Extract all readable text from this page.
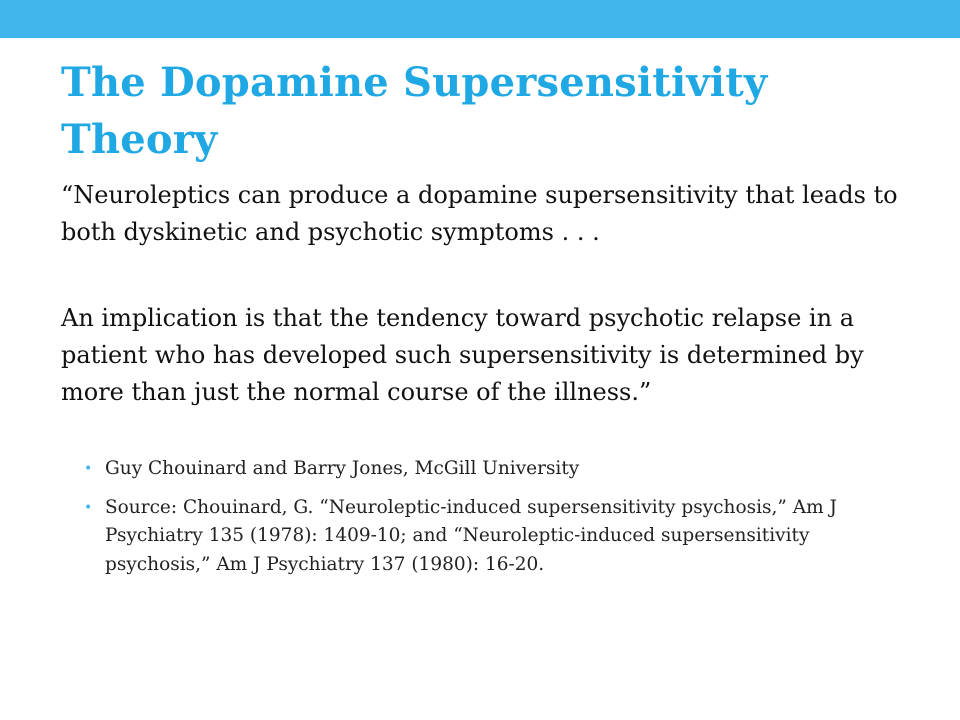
The Dopamine Supersensitivity Theory

“Neuroleptics can produce a dopamine supersensitivity that leads to both dyskinetic and psychotic symptoms . . .

An implication is that the tendency toward psychotic relapse in a patient who has developed such supersensitivity is determined by more than just the normal course of the illness.”

• Guy Chouinard and Barry Jones, McGill University
• Source: Chouinard, G. “Neuroleptic-induced supersensitivity psychosis,” Am J Psychiatry 135 (1978): 1409-10; and “Neuroleptic-induced supersensitivity psychosis,” Am J Psychiatry 137 (1980): 16-20.
